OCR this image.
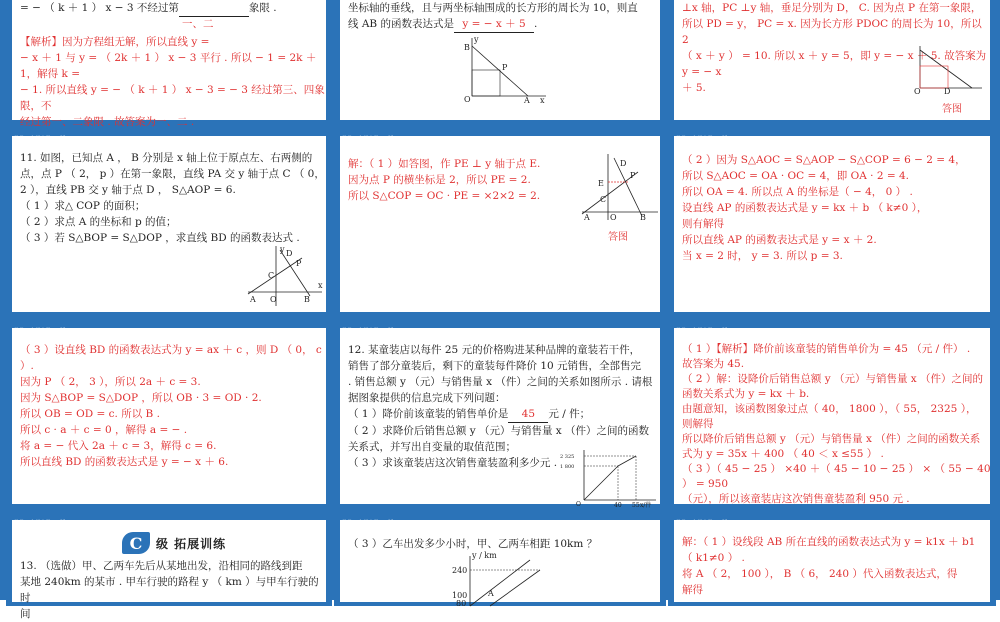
= − （ k ＋ 1 ） x − 3 不经过第	象限 .
一、二
【解析】因为方程组无解，所以直线 y =
− x ＋ 1 与 y = （ 2k ＋ 1 ） x − 3 平行 . 所以 − 1 = 2k ＋ 1，解得 k =
− 1. 所以直线 y = − （ k ＋ 1 ） x − 3 = − 3 经过第三、四象限，不
经过第一、二象限 . 故答案为一、二 .
坐标轴的垂线，且与两坐标轴围成的长方形的周长为 10，则直
线 AB 的函数表达式是 y = − x ＋ 5 .
B
P
O	A x
y
⊥x 轴，PC ⊥y 轴，垂足分别为 D， C. 因为点 P 在第一象限，
所以 PD = y， PC = x. 因为长方形 PDOC 的周长为 10，所以 2
（ x ＋ y ） = 10. 所以 x ＋ y = 5，即 y = − x ＋ 5. 故答案为 y = − x
＋ 5.	O	D
答图
数学 八年级上册 BS 版
11. 如图，已知点 A ， B 分别是 x 轴上位于原点左、右两侧的
点，点 P （ 2， p ）在第一象限，直线 PA 交 y 轴于点 C （ 0，
2 ），直线 PB 交 y 轴于点 D ， S△AOP = 6.
（ 1 ）求△ COP 的面积；
（ 2 ）求点 A 的坐标和 p 的值；
（ 3 ）若 S△BOP = S△DOP ，求直线 BD 的函数表达式 .
A O	B
x
y D
C
P
数学 八年级上册 BS 版
解：（ 1 ）如答图，作 PE ⊥ y 轴于点 E.
因为点 P 的横坐标是 2，所以 PE = 2.
所以 S△COP = OC · PE = ×2×2 = 2.
E
A	O	B
C
D
P
答图
数学 八年级上册 BS 版
（ 2 ）因为 S△AOC = S△AOP − S△COP = 6 − 2 = 4，
所以 S△AOC = OA · OC = 4，即 OA · 2 = 4.
所以 OA = 4. 所以点 A 的坐标是（ − 4， 0 ） .
设直线 AP 的函数表达式是 y = kx ＋ b （ k≠0 ），
则有解得
所以直线 AP 的函数表达式是 y = x ＋ 2.
当 x = 2 时， y = 3. 所以 p = 3.
数学 八年级上册 BS 版
（ 3 ）设直线 BD 的函数表达式为 y = ax ＋ c ，则 D （ 0， c ）.
因为 P （ 2， 3 ），所以 2a ＋ c = 3.
因为 S△BOP = S△DOP ，所以 OB · 3 = OD · 2.
所以 OB = OD = c. 所以 B .
所以 c · a ＋ c = 0 ，解得 a = − .
将 a = − 代入 2a ＋ c = 3，解得 c = 6.
所以直线 BD 的函数表达式是 y = − x ＋ 6.
数学 八年级上册 BS 版
12. 某童装店以每件 25 元的价格购进某种品牌的童装若干件，
销售了部分童装后，剩下的童装每件降价 10 元销售，全部售完
. 销售总额 y （元）与销售量 x （件）之间的关系如图所示 . 请根
据图象提供的信息完成下列问题：
（ 1 ）降价前该童装的销售单价是 45 元 / 件；
（ 2 ）求降价后销售总额 y （元）与销售量 x （件）之间的函数
关系式，并写出自变量的取值范围；
（ 3 ）求该童装店这次销售童装盈利多少元 . 2 325
1 800
O	40 55 x/件
数学 八年级上册 BS 版
（ 1 ）【解析】降价前该童装的销售单价为 = 45 （元 / 件） .
故答案为 45.
（ 2 ）解：设降价后销售总额 y （元）与销售量 x （件）之间的
函数关系式为 y = kx ＋ b.
由题意知，该函数图象过点（ 40， 1800 ），（ 55， 2325 ），
则解得
所以降价后销售总额 y （元）与销售量 x （件）之间的函数关系
式为 y = 35x ＋ 400 （ 40 ＜ x ≤55 ） .
（ 3 ）（ 45 − 25 ） ×40 ＋（ 45 − 10 − 25 ） × （ 55 − 40 ） = 950
（元），所以该童装店这次销售童装盈利 950 元 .
数学 八年级上册 BS 版
C	级 拓展训练
13. （选做）甲、乙两车先后从某地出发，沿相同的路线到距
某地 240km 的某市 . 甲车行驶的路程 y （ km ）与甲车行驶的时
间
数学 八年级上册 BS 版
（ 3 ）乙车出发多少小时，甲、乙两车相距 10km ？
y / km
240
100
80
A
数学 八年级上册 BS 版
解：（ 1 ）设线段 AB 所在直线的函数表达式为 y = k1x ＋ b1
（ k1≠0 ） .
将 A （ 2， 100 ）， B （ 6， 240 ）代入函数表达式，得
解得
